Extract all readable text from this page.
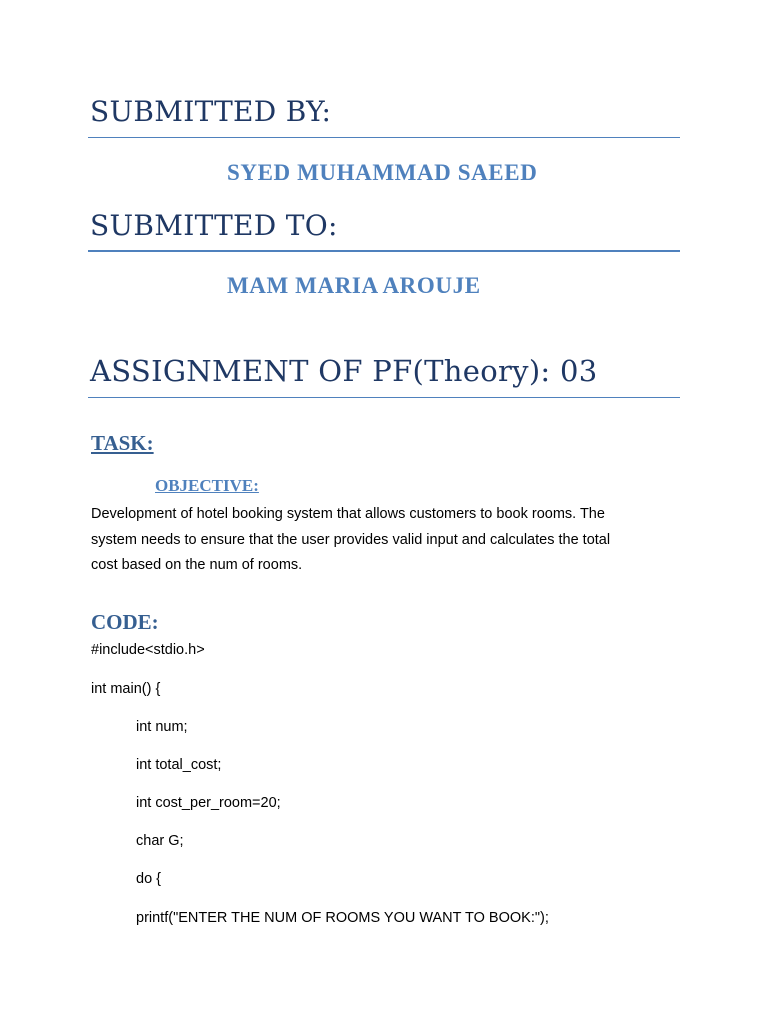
SUBMITTED BY:
SYED MUHAMMAD SAEED
SUBMITTED TO:
MAM MARIA AROUJE
ASSIGNMENT OF PF(Theory): 03
TASK:
OBJECTIVE:
Development of hotel booking system that allows customers to book rooms. The
system needs to ensure that the user provides valid input and calculates the total
cost based on the num of rooms.
CODE:
#include<stdio.h>
int main() {
int num;
int total_cost;
int cost_per_room=20;
char G;
do {
printf("ENTER THE NUM OF ROOMS YOU WANT TO BOOK:");
